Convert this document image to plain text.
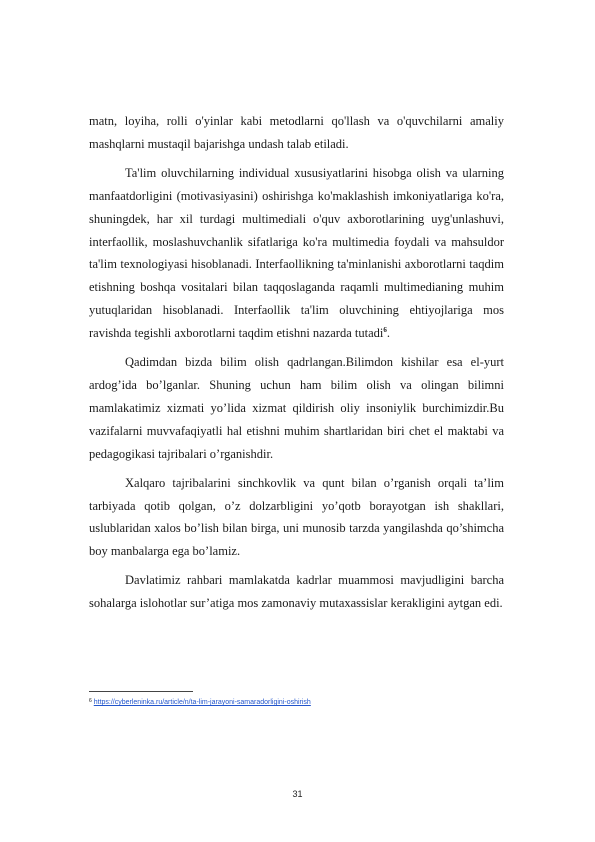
matn, loyiha, rolli o'yinlar kabi metodlarni qo'llash va o'quvchilarni amaliy mashqlarni mustaqil bajarishga undash talab etiladi.

Ta'lim oluvchilarning individual xususiyatlarini hisobga olish va ularning manfaatdorligini (motivasiyasini) oshirishga ko'maklashish imkoniyatlariga ko'ra, shuningdek, har xil turdagi multimediali o'quv axborotlarining uyg'unlashuvi, interfaollik, moslashuvchanlik sifatlariga ko'ra multimedia foydali va mahsuldor ta'lim texnologiyasi hisoblanadi. Interfaollikning ta'minlanishi axborotlarni taqdim etishning boshqa vositalari bilan taqqoslaganda raqamli multimedianing muhim yutuqlaridan hisoblanadi. Interfaollik ta'lim oluvchining ehtiyojlariga mos ravishda tegishli axborotlarni taqdim etishni nazarda tutadi$^6$.

Qadimdan bizda bilim olish qadrlangan.Bilimdon kishilar esa el-yurt ardog’ida bo’lganlar. Shuning uchun ham bilim olish va olingan bilimni mamlakatimiz xizmati yo’lida xizmat qildirish oliy insoniylik burchimizdir.Bu vazifalarni muvvafaqiyatli hal etishni muhim shartlaridan biri chet el maktabi va pedagogikasi tajribalari o’rganishdir.

Xalqaro tajribalarini sinchkovlik va qunt bilan o’rganish orqali ta’lim tarbiyada qotib qolgan, o’z dolzarbligini yo’qotb borayotgan ish shakllari, uslublaridan xalos bo’lish bilan birga, uni munosib tarzda yangilashda qo’shimcha boy manbalarga ega bo’lamiz.

Davlatimiz rahbari mamlakatda kadrlar muammosi mavjudligini barcha sohalarga islohotlar sur’atiga mos zamonaviy mutaxassislar kerakligini aytgan edi.

$^6$ https://cyberleninka.ru/article/n/ta-lim-jarayoni-samaradorligini-oshirish
31
